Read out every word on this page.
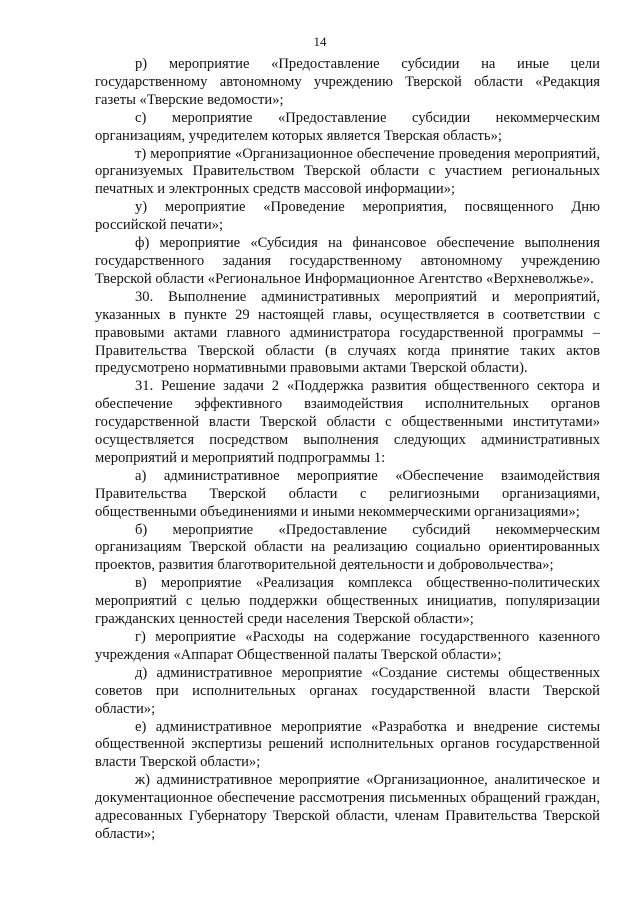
14

р) мероприятие «Предоставление субсидии на иные цели государственному автономному учреждению Тверской области «Редакция газеты «Тверские ведомости»;

с) мероприятие «Предоставление субсидии некоммерческим организациям, учредителем которых является Тверская область»;

т) мероприятие «Организационное обеспечение проведения мероприятий, организуемых Правительством Тверской области с участием региональных печатных и электронных средств массовой информации»;

у) мероприятие «Проведение мероприятия, посвященного Дню российской печати»;

ф) мероприятие «Субсидия на финансовое обеспечение выполнения государственного задания государственному автономному учреждению Тверской области «Региональное Информационное Агентство «Верхневолжье».

30. Выполнение административных мероприятий и мероприятий, указанных в пункте 29 настоящей главы, осуществляется в соответствии с правовыми актами главного администратора государственной программы – Правительства Тверской области (в случаях когда принятие таких актов предусмотрено нормативными правовыми актами Тверской области).

31. Решение задачи 2 «Поддержка развития общественного сектора и обеспечение эффективного взаимодействия исполнительных органов государственной власти Тверской области с общественными институтами» осуществляется посредством выполнения следующих административных мероприятий и мероприятий подпрограммы 1:

а) административное мероприятие «Обеспечение взаимодействия Правительства Тверской области с религиозными организациями, общественными объединениями и иными некоммерческими организациями»;

б) мероприятие «Предоставление субсидий некоммерческим организациям Тверской области на реализацию социально ориентированных проектов, развития благотворительной деятельности и добровольчества»;

в) мероприятие «Реализация комплекса общественно-политических мероприятий с целью поддержки общественных инициатив, популяризации гражданских ценностей среди населения Тверской области»;

г) мероприятие «Расходы на содержание государственного казенного учреждения «Аппарат Общественной палаты Тверской области»;

д) административное мероприятие «Создание системы общественных советов при исполнительных органах государственной власти Тверской области»;

е) административное мероприятие «Разработка и внедрение системы общественной экспертизы решений исполнительных органов государственной власти Тверской области»;

ж) административное мероприятие «Организационное, аналитическое и документационное обеспечение рассмотрения письменных обращений граждан, адресованных Губернатору Тверской области, членам Правительства Тверской области»;
